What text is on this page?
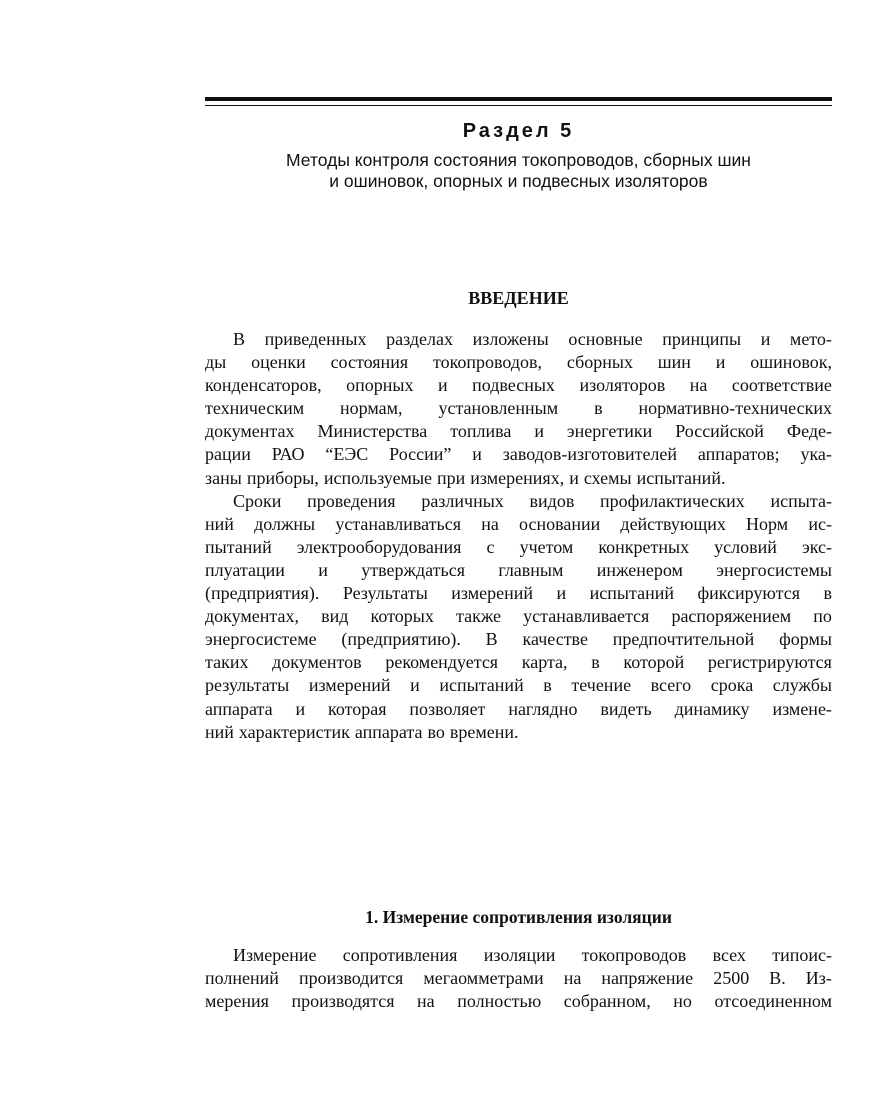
Раздел 5
Методы контроля состояния токопроводов, сборных шин
и ошиновок, опорных и подвесных изоляторов
ВВЕДЕНИЕ
В приведенных разделах изложены основные принципы и мето-
ды оценки состояния токопроводов, сборных шин и ошиновок,
конденсаторов, опорных и подвесных изоляторов на соответствие
техническим нормам, установленным в нормативно-технических
документах Министерства топлива и энергетики Российской Феде-
рации РАО “ЕЭС России” и заводов-изготовителей аппаратов; ука-
заны приборы, используемые при измерениях, и схемы испытаний.
Сроки проведения различных видов профилактических испыта-
ний должны устанавливаться на основании действующих Норм ис-
пытаний электрооборудования с учетом конкретных условий экс-
плуатации и утверждаться главным инженером энергосистемы
(предприятия). Результаты измерений и испытаний фиксируются в
документах, вид которых также устанавливается распоряжением по
энергосистеме (предприятию). В качестве предпочтительной формы
таких документов рекомендуется карта, в которой регистрируются
результаты измерений и испытаний в течение всего срока службы
аппарата и которая позволяет наглядно видеть динамику измене-
ний характеристик аппарата во времени.
1. Измерение сопротивления изоляции
Измерение сопротивления изоляции токопроводов всех типоис-
полнений производится мегаомметрами на напряжение 2500 В. Из-
мерения производятся на полностью собранном, но отсоединенном
